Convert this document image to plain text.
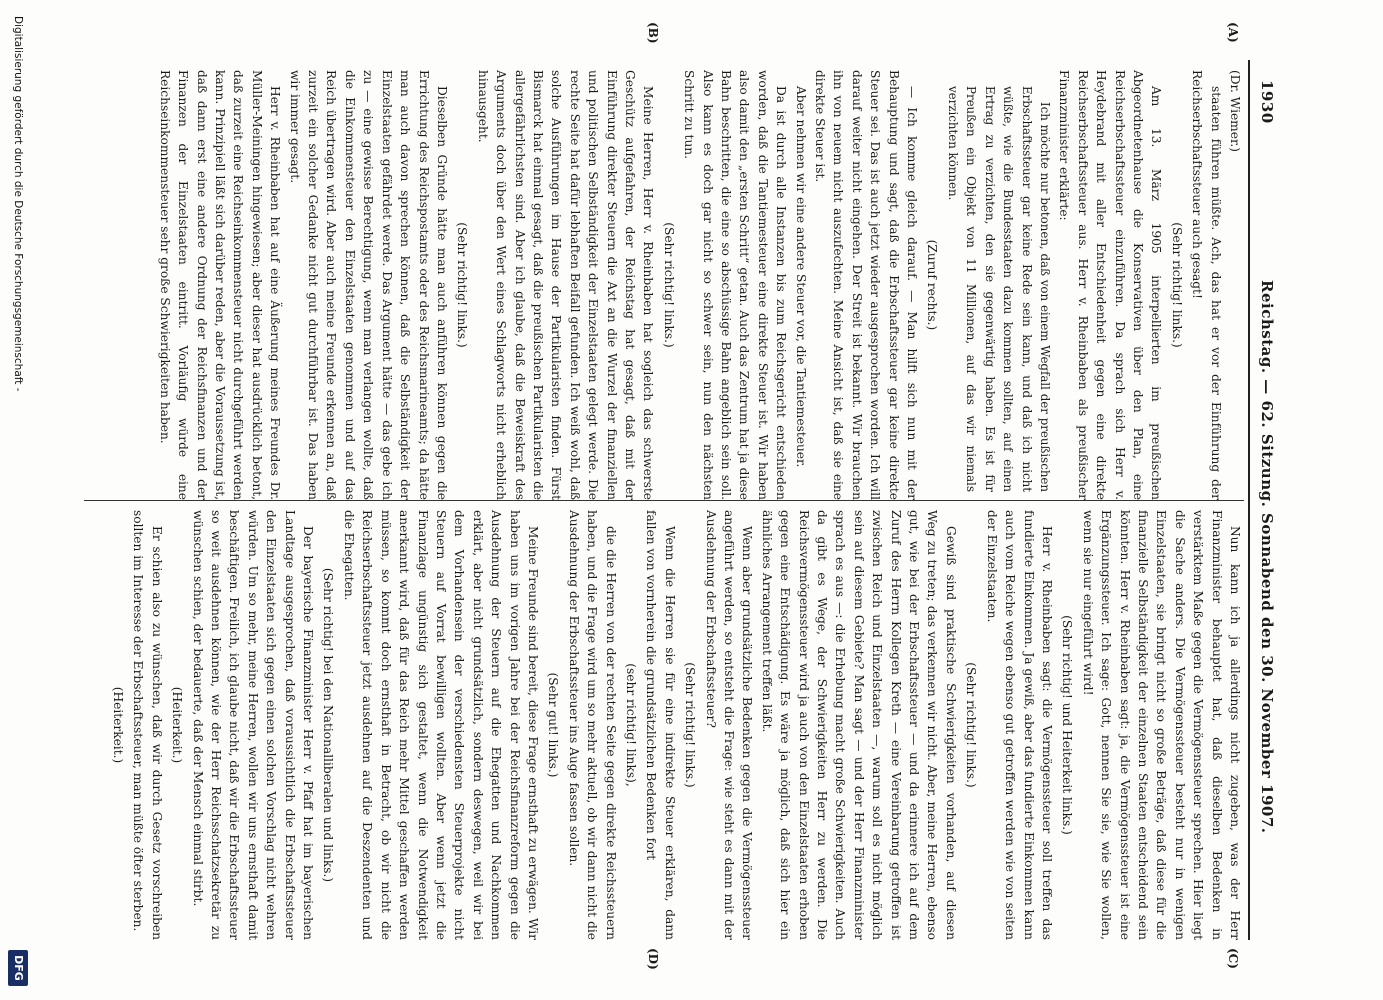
1930
Reichstag. — 62. Sitzung. Sonnabend den 30. November 1907.
(A)
(B)
(C)
(D)

(Dr. Wiemer.)

staaten führen müßte. Ach, das hat er vor der Einführung der Reichserbschaftssteuer auch gesagt!

(Sehr richtig! links.)

Am 13. März 1905 interpellierten im preußischen Abgeordnetenhause die Konservativen über den Plan, eine Reichserbschaftssteuer einzuführen. Da sprach sich Herr v. Heydebrand mit aller Entschiedenheit gegen eine direkte Reichserbschaftssteuer aus. Herr v. Rheinbaben als preußischer Finanzminister erklärte:

Ich möchte nur betonen, daß von einem Wegfall der preußischen Erbschaftssteuer gar keine Rede sein kann, und daß ich nicht wüßte, wie die Bundesstaaten dazu kommen sollten, auf einen Ertrag zu verzichten, den sie gegenwärtig haben. Es ist für Preußen ein Objekt von 11 Millionen, auf das wir niemals verzichten können.

(Zuruf rechts.)

— Ich komme gleich darauf. — Man hilft sich nun mit der Behauptung und sagt, daß die Erbschaftssteuer gar keine direkte Steuer sei. Das ist auch jetzt wieder ausgesprochen worden. Ich will darauf weiter nicht eingehen. Der Streit ist bekannt. Wir brauchen ihn von neuem nicht auszufechten. Meine Ansicht ist, daß sie eine direkte Steuer ist.

Aber nehmen wir eine andere Steuer vor, die Tantiemesteuer.

Da ist durch alle Instanzen bis zum Reichsgericht entschieden worden, daß die Tantiemesteuer eine direkte Steuer ist. Wir haben also damit den „ersten Schritt“ getan. Auch das Zentrum hat ja diese Bahn beschritten, die eine so abschüssige Bahn angeblich sein soll. Also kann es doch gar nicht so schwer sein, nun den nächsten Schritt zu tun.

(Sehr richtig! links.)

Meine Herren, Herr v. Rheinbaben hat sogleich das schwerste Geschütz aufgefahren, der Reichstag hat gesagt, daß mit der Einführung direkter Steuern die Axt an die Wurzel der finanziellen und politischen Selbständigkeit der Einzelstaaten gelegt werde. Die rechte Seite hat dafür lebhaften Beifall gefunden. Ich weiß wohl, daß solche Ausführungen im Hause der Partikularisten finden. Fürst Bismarck hat einmal gesagt, daß die preußischen Partikularisten die allergefährlichsten sind. Aber ich glaube, daß die Beweiskraft des Arguments doch über den Wert eines Schlagworts nicht erheblich hinausgeht.

(Sehr richtig! links.)

Dieselben Gründe hätte man auch anführen können gegen die Errichtung des Reichspostamts oder des Reichsmarineamts; da hätte man auch davon sprechen können, daß die Selbständigkeit der Einzelstaaten gefährdet werde. Das Argument hätte — das gebe ich zu — eine gewisse Berechtigung, wenn man verlangen wollte, daß die Einkommensteuer den Einzelstaaten genommen und auf das Reich übertragen wird. Aber auch meine Freunde erkennen an, daß zurzeit ein solcher Gedanke nicht gut durchführbar ist. Das haben wir immer gesagt.

Herr v. Rheinbaben hat auf eine Äußerung meines Freundes Dr. Müller-Meiningen hingewiesen; aber dieser hat ausdrücklich betont, daß zurzeit eine Reichseinkommensteuer nicht durchgeführt werden kann. Prinzipiell läßt sich darüber reden, aber die Voraussetzung ist, daß dann erst eine andere Ordnung der Reichsfinanzen und der Finanzen der Einzelstaaten eintritt. Vorläufig würde eine Reichseinkommensteuer sehr große Schwierigkeiten haben.

Nun kann ich ja allerdings nicht zugeben, was der Herr Finanzminister behauptet hat, daß dieselben Bedenken in verstärktem Maße gegen die Vermögenssteuer sprechen. Hier liegt die Sache anders. Die Vermögenssteuer besteht nur in wenigen Einzelstaaten, sie bringt nicht so große Beträge, daß diese für die finanzielle Selbständigkeit der einzelnen Staaten entscheidend sein könnten. Herr v. Rheinbaben sagt: ja, die Vermögenssteuer ist eine Ergänzungssteuer. Ich sage: Gott, nennen Sie sie, wie Sie wollen, wenn sie nur eingeführt wird!

(Sehr richtig! und Heiterkeit links.)

Herr v. Rheinbaben sagt: die Vermögenssteuer soll treffen das fundierte Einkommen. Ja gewiß, aber das fundierte Einkommen kann auch vom Reiche wegen ebenso gut getroffen werden wie von seiten der Einzelstaaten.

(Sehr richtig! links.)

Gewiß sind praktische Schwierigkeiten vorhanden, auf diesen Weg zu treten; das verkennen wir nicht. Aber, meine Herren, ebenso gut, wie bei der Erbschaftssteuer — und da erinnere ich auf dem Zuruf des Herrn Kollegen Kreth — eine Vereinbarung getroffen ist zwischen Reich und Einzelstaaten —, warum soll es nicht möglich sein auf diesem Gebiete? Man sagt — und der Herr Finanzminister sprach es aus —: die Erhebung macht große Schwierigkeiten. Auch da gibt es Wege, der Schwierigkeiten Herr zu werden. Die Reichsvermögenssteuer wird ja auch von den Einzelstaaten erhoben gegen eine Entschädigung. Es wäre ja möglich, daß sich hier ein ähnliches Arrangement treffen läßt.

Wenn aber grundsätzliche Bedenken gegen die Vermögenssteuer angeführt werden, so entsteht die Frage: wie steht es dann mit der Ausdehnung der Erbschaftssteuer?

(Sehr richtig! links.)

Wenn die Herren sie für eine indirekte Steuer erklären, dann fallen von vornherein die grundsätzlichen Bedenken fort

(sehr richtig! links),

die die Herren von der rechten Seite gegen direkte Reichssteuern haben, und die Frage wird um so mehr aktuell, ob wir dann nicht die Ausdehnung der Erbschaftssteuer ins Auge fassen sollen.

(Sehr gut! links.)

Meine Freunde sind bereit, diese Frage ernsthaft zu erwägen. Wir haben uns im vorigen Jahre bei der Reichsfinanzreform gegen die Ausdehnung der Steuern auf die Ehegatten und Nachkommen erklärt, aber nicht grundsätzlich, sondern deswegen, weil wir bei dem Vorhandensein der verschiedensten Steuerprojekte nicht Steuern auf Vorrat bewilligen wollten. Aber wenn jetzt die Finanzlage ungünstig sich gestaltet, wenn die Notwendigkeit anerkannt wird, daß für das Reich mehr Mittel geschaffen werden müssen, so kommt doch ernsthaft in Betracht, ob wir nicht die Reichserbschaftssteuer jetzt ausdehnen auf die Deszendenten und die Ehegatten.

(Sehr richtig! bei den Nationalliberalen und links.)

Der bayerische Finanzminister Herr v. Pfaff hat im bayerischen Landtage ausgesprochen, daß voraussichtlich die Erbschaftssteuer den Einzelstaaten sich gegen einen solchen Vorschlag nicht wehren würden. Um so mehr, meine Herren, wollen wir uns ernsthaft damit beschäftigen. Freilich, ich glaube nicht, daß wir die Erbschaftssteuer so weit ausdehnen können, wie der Herr Reichsschatzsekretär zu wünschen schien, der bedauerte, daß der Mensch einmal stirbt.

(Heiterkeit.)

Er schien also zu wünschen, daß wir durch Gesetz vorschreiben sollten im Interesse der Erbschaftssteuer, man müßte öfter sterben.

(Heiterkeit.)

Digitalisierung gefördert durch die Deutsche Forschungsgemeinschaft -
DFG
